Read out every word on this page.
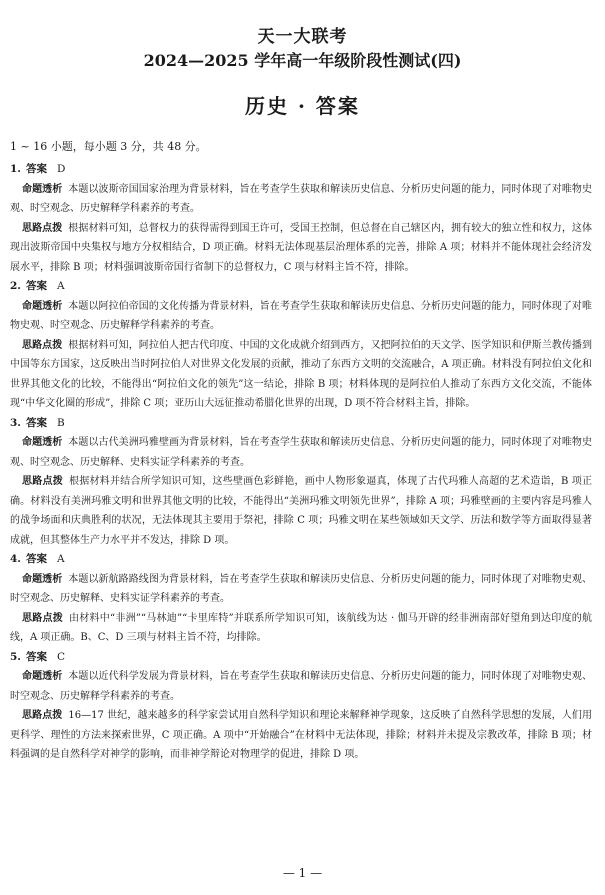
天一大联考
2024—2025 学年高一年级阶段性测试(四)
历史 · 答案
1 ~ 16 小题，每小题 3 分，共 48 分。
1. 答案 D

命题透析 本题以波斯帝国国家治理为背景材料，旨在考查学生获取和解读历史信息、分析历史问题的能力，同时体现了对唯物史观、时空观念、历史解释学科素养的考查。

思路点拨 根据材料可知，总督权力的获得需得到国王许可，受国王控制，但总督在自己辖区内，拥有较大的独立性和权力，这体现出波斯帝国中央集权与地方分权相结合，D 项正确。材料无法体现基层治理体系的完善，排除 A 项；材料并不能体现社会经济发展水平，排除 B 项；材料强调波斯帝国行省制下的总督权力，C 项与材料主旨不符，排除。

2. 答案 A

命题透析 本题以阿拉伯帝国的文化传播为背景材料，旨在考查学生获取和解读历史信息、分析历史问题的能力，同时体现了对唯物史观、时空观念、历史解释学科素养的考查。

思路点拨 根据材料可知，阿拉伯人把古代印度、中国的文化成就介绍到西方，又把阿拉伯的天文学、医学知识和伊斯兰教传播到中国等东方国家，这反映出当时阿拉伯人对世界文化发展的贡献，推动了东西方文明的交流融合，A 项正确。材料没有阿拉伯文化和世界其他文化的比较，不能得出“阿拉伯文化的领先”这一结论，排除 B 项；材料体现的是阿拉伯人推动了东西方文化交流，不能体现“中华文化圈的形成”，排除 C 项；亚历山大远征推动希腊化世界的出现，D 项不符合材料主旨，排除。

3. 答案 B

命题透析 本题以古代美洲玛雅壁画为背景材料，旨在考查学生获取和解读历史信息、分析历史问题的能力，同时体现了对唯物史观、时空观念、历史解释、史料实证学科素养的考查。

思路点拨 根据材料并结合所学知识可知，这些壁画色彩鲜艳，画中人物形象逼真，体现了古代玛雅人高超的艺术造诣，B 项正确。材料没有美洲玛雅文明和世界其他文明的比较，不能得出“美洲玛雅文明领先世界”，排除 A 项；玛雅壁画的主要内容是玛雅人的战争场面和庆典胜利的状况，无法体现其主要用于祭祀，排除 C 项；玛雅文明在某些领域如天文学、历法和数学等方面取得显著成就，但其整体生产力水平并不发达，排除 D 项。

4. 答案 A

命题透析 本题以新航路路线图为背景材料，旨在考查学生获取和解读历史信息、分析历史问题的能力，同时体现了对唯物史观、时空观念、历史解释、史料实证学科素养的考查。

思路点拨 由材料中“非洲”“马林迪”“卡里库特”并联系所学知识可知，该航线为达 · 伽马开辟的经非洲南部好望角到达印度的航线，A 项正确。B、C、D 三项与材料主旨不符，均排除。

5. 答案 C

命题透析 本题以近代科学发展为背景材料，旨在考查学生获取和解读历史信息、分析历史问题的能力，同时体现了对唯物史观、时空观念、历史解释学科素养的考查。

思路点拨 16—17 世纪，越来越多的科学家尝试用自然科学知识和理论来解释神学现象，这反映了自然科学思想的发展，人们用更科学、理性的方法来探索世界，C 项正确。A 项中“开始融合”在材料中无法体现，排除；材料并未提及宗教改革，排除 B 项；材料强调的是自然科学对神学的影响，而非神学辩论对物理学的促进，排除 D 项。

— 1 —
